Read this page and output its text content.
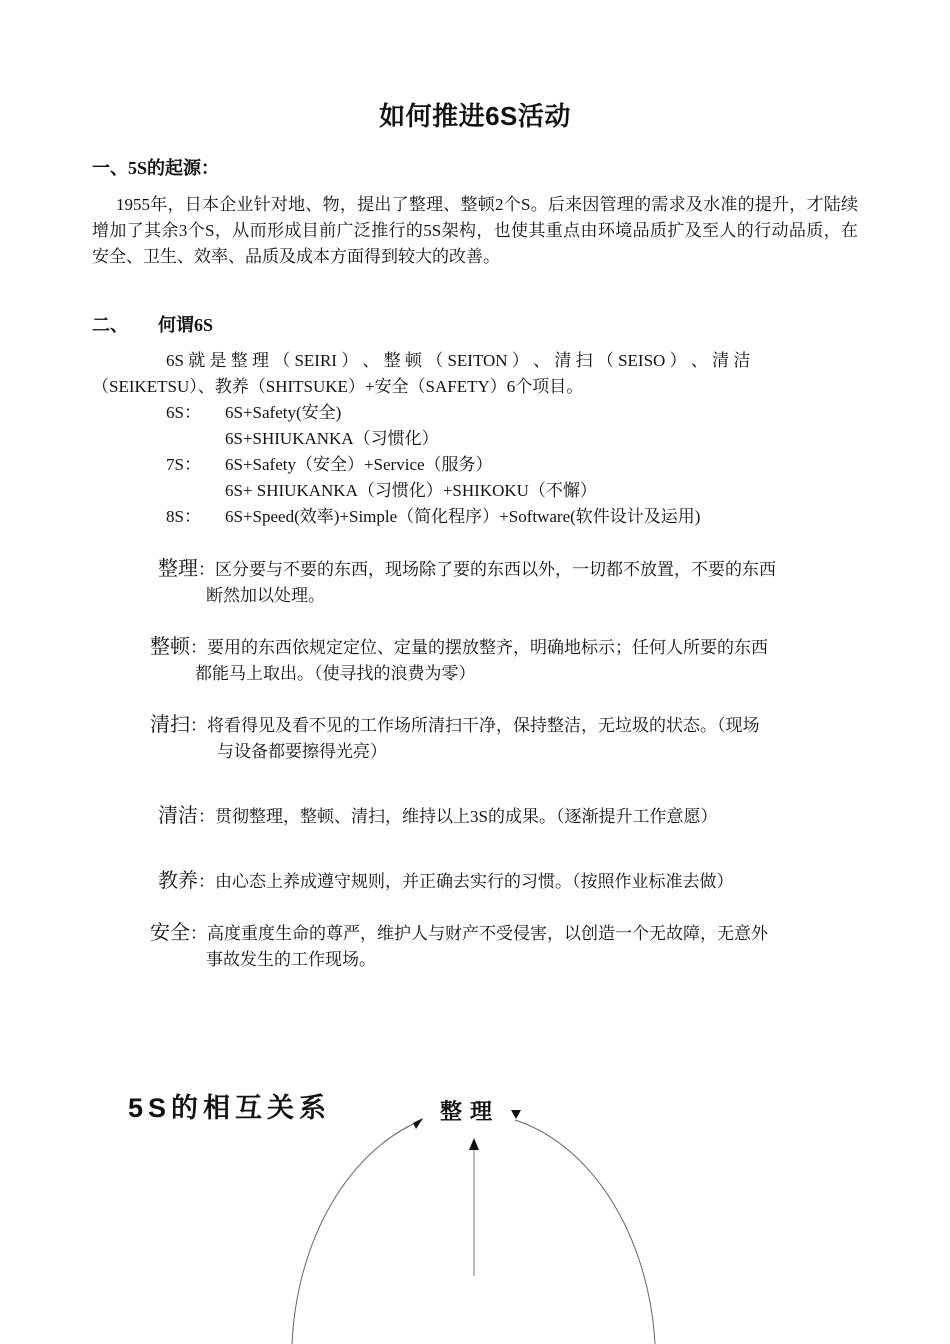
如何推进6S活动
一、5S的起源：
1955年，日本企业针对地、物，提出了整理、整顿2个S。后来因管理的需求及水准的提升，才陆续增加了其余3个S，从而形成目前广泛推行的5S架构，也使其重点由环境品质扩及至人的行动品质，在安全、卫生、效率、品质及成本方面得到较大的改善。
二、 何谓6S
6S 就 是 整 理 （ SEIRI ） 、 整 顿 （ SEITON ） 、 清 扫 （ SEISO ） 、 清 洁
（SEIKETSU）、教养（SHITSUKE）+安全（SAFETY）6个项目。
6S： 6S+Safety(安全)
6S+SHIUKANKA（习惯化）
7S： 6S+Safety（安全）+Service（服务）
6S+ SHIUKANKA（习惯化）+SHIKOKU（不懈）
8S： 6S+Speed(效率)+Simple（简化程序）+Software(软件设计及运用)
整理：区分要与不要的东西，现场除了要的东西以外，一切都不放置，不要的东西
断然加以处理。
整顿：要用的东西依规定定位、定量的摆放整齐，明确地标示；任何人所要的东西
都能马上取出。（使寻找的浪费为零）
清扫：将看得见及看不见的工作场所清扫干净，保持整洁，无垃圾的状态。（现场
与设备都要擦得光亮）
清洁：贯彻整理，整顿、清扫，维持以上3S的成果。（逐渐提升工作意愿）
教养：由心态上养成遵守规则，并正确去实行的习惯。（按照作业标准去做）
安全：高度重度生命的尊严，维护人与财产不受侵害，以创造一个无故障，无意外
事故发生的工作现场。
5S的相互关系	整理
